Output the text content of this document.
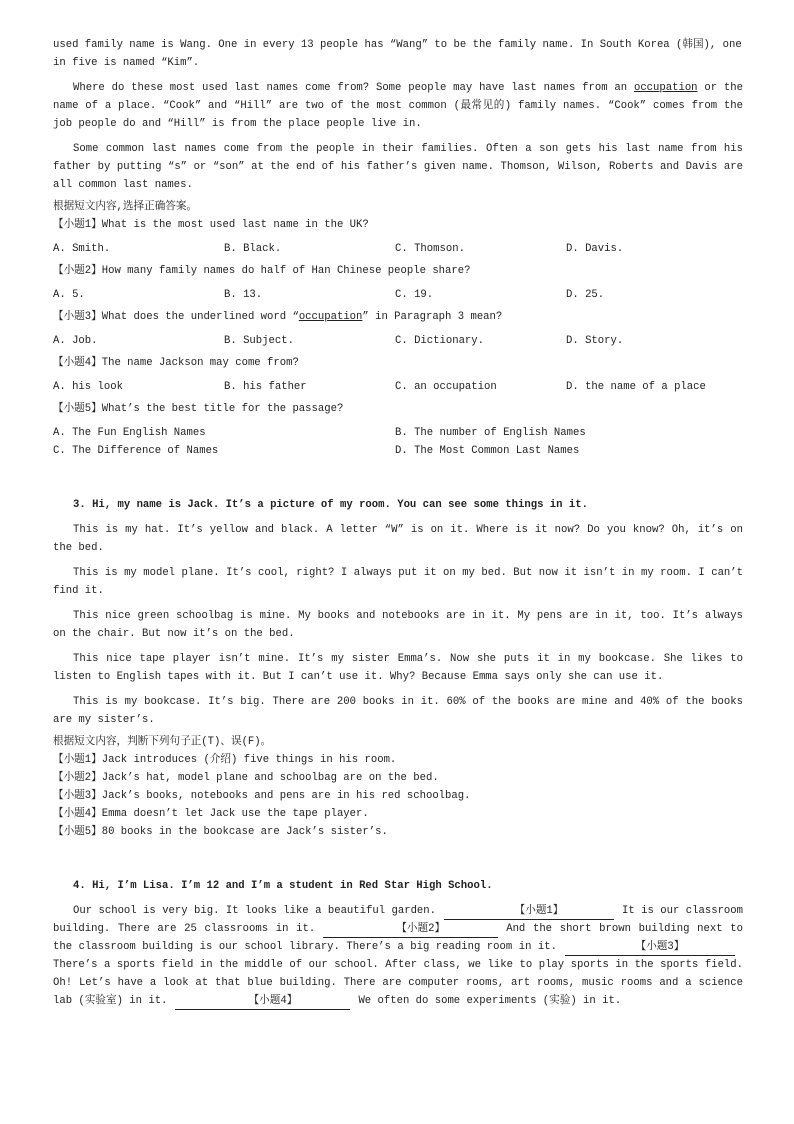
used family name is Wang. One in every 13 people has “Wang” to be the family name. In South Korea (韩国), one in five is named “Kim”.

Where do these most used last names come from? Some people may have last names from an occupation or the name of a place. “Cook” and “Hill” are two of the most common (最常见的) family names. “Cook” comes from the job people do and “Hill” is from the place people live in.

Some common last names come from the people in their families. Often a son gets his last name from his father by putting “s” or “son” at the end of his father’s given name. Thomson, Wilson, Roberts and Davis are all common last names.

根据短文内容,选择正确答案。

【小题1】What is the most used last name in the UK?

A. Smith.	B. Black.	C. Thomson.	D. Davis.

【小题2】How many family names do half of Han Chinese people share?

A. 5.	B. 13.	C. 19.	D. 25.

【小题3】What does the underlined word “occupation” in Paragraph 3 mean?

A. Job.	B. Subject.	C. Dictionary.	D. Story.

【小题4】The name Jackson may come from?

A. his look	B. his father	C. an occupation	D. the name of a place

【小题5】What’s the best title for the passage?

A. The Fun English Names	B. The number of English Names
C. The Difference of Names	D. The Most Common Last Names

3. Hi, my name is Jack. It’s a picture of my room. You can see some things in it.

This is my hat. It’s yellow and black. A letter “W” is on it. Where is it now? Do you know? Oh, it’s on the bed.

This is my model plane. It’s cool, right? I always put it on my bed. But now it isn’t in my room. I can’t find it.

This nice green schoolbag is mine. My books and notebooks are in it. My pens are in it, too. It’s always on the chair. But now it’s on the bed.

This nice tape player isn’t mine. It’s my sister Emma’s. Now she puts it in my bookcase. She likes to listen to English tapes with it. But I can’t use it. Why? Because Emma says only she can use it.

This is my bookcase. It’s big. There are 200 books in it. 60% of the books are mine and 40% of the books are my sister’s.

根据短文内容，判断下列句子正(T)、误(F)。

【小题1】Jack introduces (介绍) five things in his room.

【小题2】Jack’s hat, model plane and schoolbag are on the bed.

【小题3】Jack’s books, notebooks and pens are in his red schoolbag.

【小题4】Emma doesn’t let Jack use the tape player.

【小题5】80 books in the bookcase are Jack’s sister’s.

4. Hi, I’m Lisa. I’m 12 and I’m a student in Red Star High School.

Our school is very big. It looks like a beautiful garden.	【小题1】	It is our classroom building. There are 25 classrooms in it.	【小题2】	And the short brown building next to the classroom building is our school library. There’s a big reading room in it.	【小题3】There’s a sports field in the middle of our school. After class, we like to play sports in the sports field. Oh! Let’s have a look at that blue building. There are computer rooms, art rooms, music rooms and a science lab (实验室) in it.	【小题4】	We often do some experiments (实验) in it.
